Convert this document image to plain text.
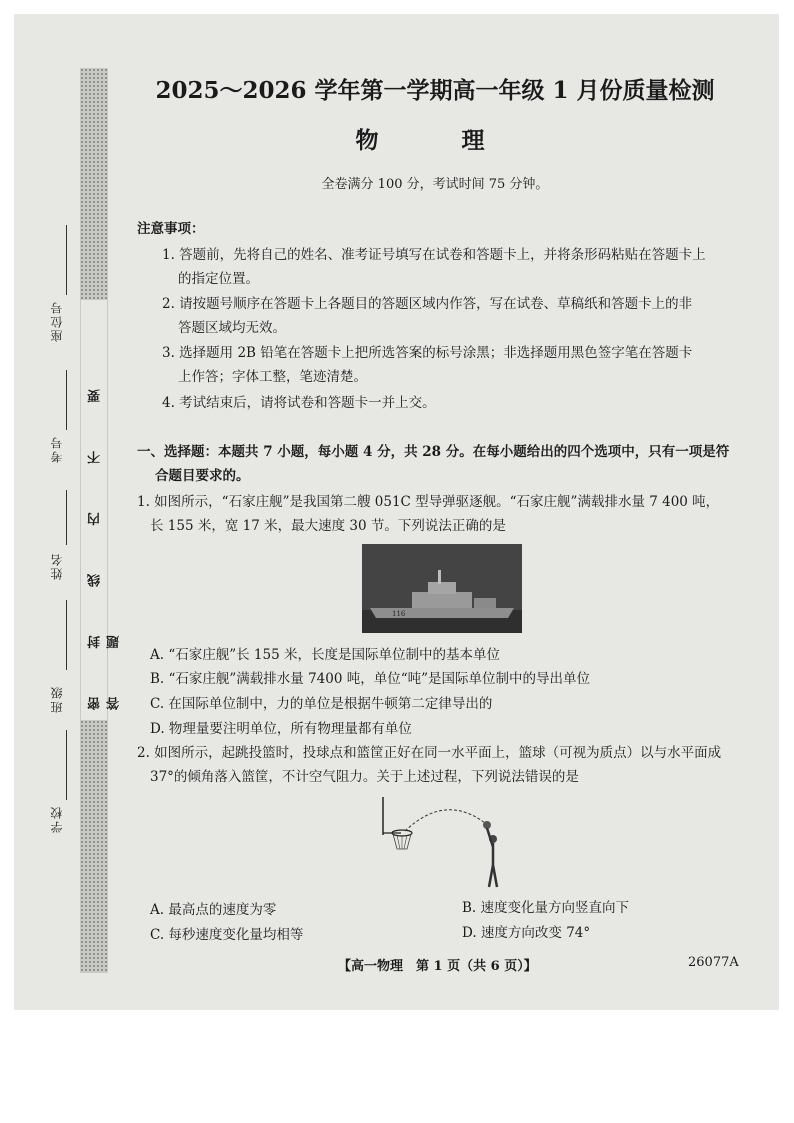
密 封 线 内 不 要 答 题
座位号
考号
姓名
班级
学校
2025～2026 学年第一学期高一年级 1 月份质量检测
物　理
全卷满分 100 分，考试时间 75 分钟。
注意事项：
1. 答题前，先将自己的姓名、准考证号填写在试卷和答题卡上，并将条形码粘贴在答题卡上
的指定位置。
2. 请按题号顺序在答题卡上各题目的答题区域内作答，写在试卷、草稿纸和答题卡上的非
答题区域均无效。
3. 选择题用 2B 铅笔在答题卡上把所选答案的标号涂黑；非选择题用黑色签字笔在答题卡
上作答；字体工整，笔迹清楚。
4. 考试结束后，请将试卷和答题卡一并上交。
一、选择题：本题共 7 小题，每小题 4 分，共 28 分。在每小题给出的四个选项中，只有一项是符
合题目要求的。
1. 如图所示，“石家庄舰”是我国第二艘 051C 型导弹驱逐舰。“石家庄舰”满载排水量 7 400 吨，
长 155 米，宽 17 米，最大速度 30 节。下列说法正确的是
116
A. “石家庄舰”长 155 米，长度是国际单位制中的基本单位
B. “石家庄舰”满载排水量 7400 吨，单位“吨”是国际单位制中的导出单位
C. 在国际单位制中，力的单位是根据牛顿第二定律导出的
D. 物理量要注明单位，所有物理量都有单位
2. 如图所示，起跳投篮时，投球点和篮筐正好在同一水平面上，篮球（可视为质点）以与水平面成
37°的倾角落入篮筐，不计空气阻力。关于上述过程，下列说法错误的是
A. 最高点的速度为零	B. 速度变化量方向竖直向下
C. 每秒速度变化量均相等	D. 速度方向改变 74°
【高一物理　第 1 页（共 6 页）】	26077A
